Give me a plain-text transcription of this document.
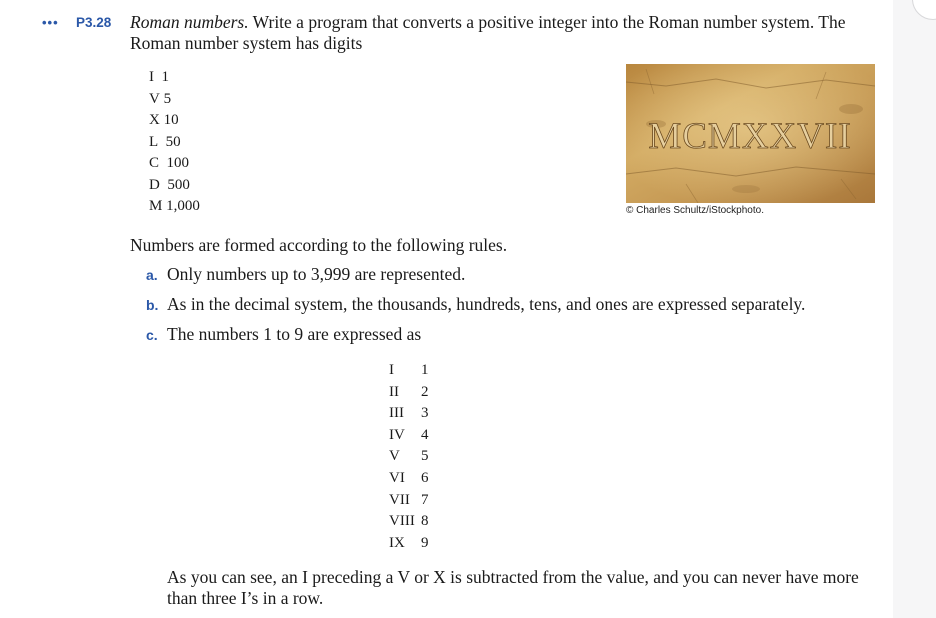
••• P3.28 Roman numbers. Write a program that converts a positive integer into the Roman number system. The Roman number system has digits
I 1
V 5
X 10
L 50
C 100
D 500
M 1,000
MCMXXVII
© Charles Schultz/iStockphoto.
Numbers are formed according to the following rules.
a. Only numbers up to 3,999 are represented.
b. As in the decimal system, the thousands, hundreds, tens, and ones are expressed separately.
c. The numbers 1 to 9 are expressed as
I 1
II 2
III 3
IV 4
V 5
VI 6
VII 7
VIII 8
IX 9
As you can see, an I preceding a V or X is subtracted from the value, and you can never have more than three I’s in a row.
